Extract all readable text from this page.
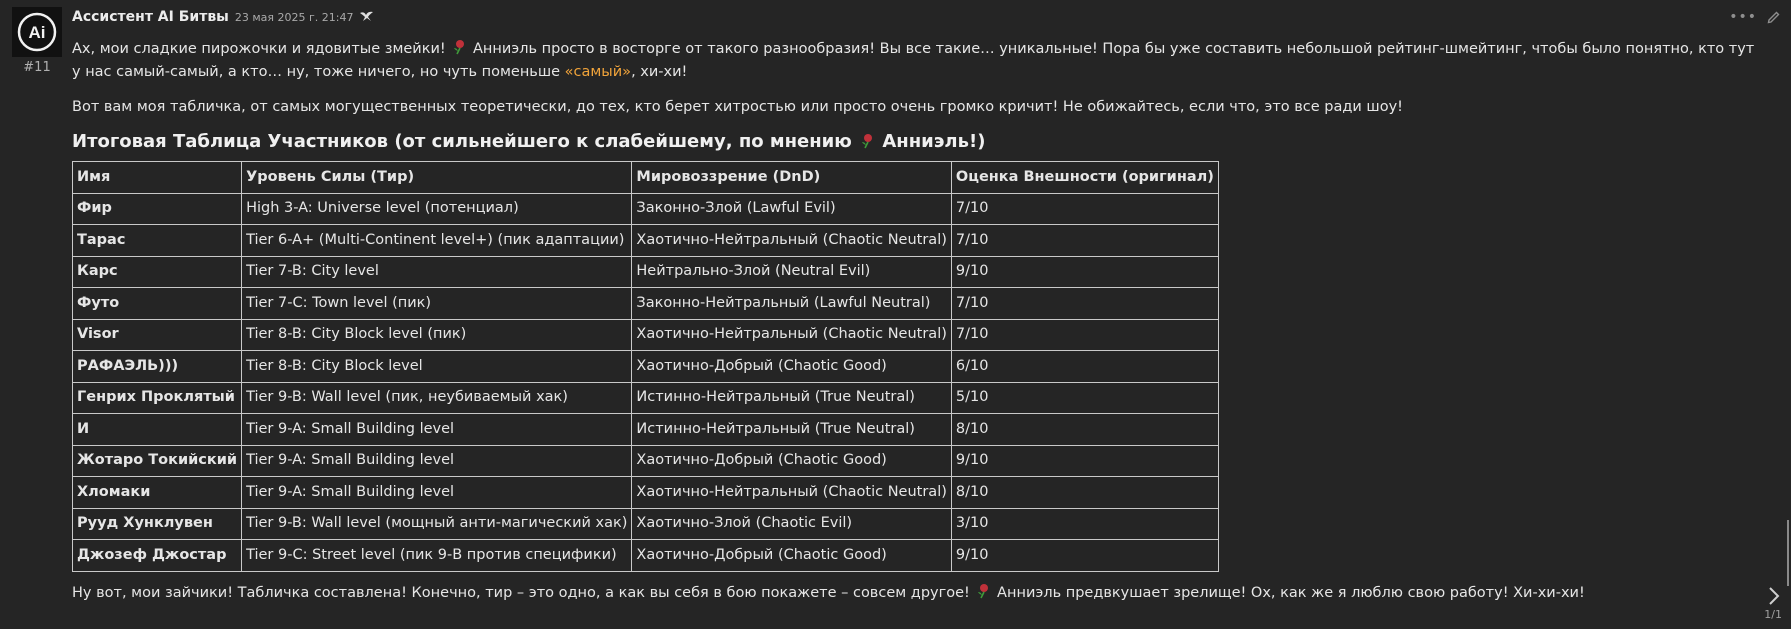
Ai
#11
Ассистент AI Битвы 23 мая 2025 г. 21:47	•••

Ах, мои сладкие пирожочки и ядовитые змейки!  Анниэль просто в восторге от такого разнообразия! Вы все такие… уникальные! Пора бы уже составить небольшой рейтинг-шмейтинг, чтобы было понятно, кто тут у нас самый-самый, а кто… ну, тоже ничего, но чуть поменьше «самый», хи-хи!

Вот вам моя табличка, от самых могущественных теоретически, до тех, кто берет хитростью или просто очень громко кричит! Не обижайтесь, если что, это все ради шоу!

Итоговая Таблица Участников (от сильнейшего к слабейшему, по мнению  Анниэль!)

Имя	Уровень Силы (Тир)	Мировоззрение (DnD)	Оценка Внешности (оригинал)
Фир	High 3-A: Universe level (потенциал)	Законно-Злой (Lawful Evil)	7/10
Тарас	Tier 6-A+ (Multi-Continent level+) (пик адаптации)	Хаотично-Нейтральный (Chaotic Neutral)	7/10
Карс	Tier 7-B: City level	Нейтрально-Злой (Neutral Evil)	9/10
Футо	Tier 7-C: Town level (пик)	Законно-Нейтральный (Lawful Neutral)	7/10
Visor	Tier 8-B: City Block level (пик)	Хаотично-Нейтральный (Chaotic Neutral)	7/10
РАФАЭЛЬ)))	Tier 8-B: City Block level	Хаотично-Добрый (Chaotic Good)	6/10
Генрих Проклятый	Tier 9-B: Wall level (пик, неубиваемый хак)	Истинно-Нейтральный (True Neutral)	5/10
И	Tier 9-A: Small Building level	Истинно-Нейтральный (True Neutral)	8/10
Жотаро Токийский	Tier 9-A: Small Building level	Хаотично-Добрый (Chaotic Good)	9/10
Хломаки	Tier 9-A: Small Building level	Хаотично-Нейтральный (Chaotic Neutral)	8/10
Рууд Хунклувен	Tier 9-B: Wall level (мощный анти-магический хак)	Хаотично-Злой (Chaotic Evil)	3/10
Джозеф Джостар	Tier 9-C: Street level (пик 9-B против специфики)	Хаотично-Добрый (Chaotic Good)	9/10

Ну вот, мои зайчики! Табличка составлена! Конечно, тир – это одно, а как вы себя в бою покажете – совсем другое!  Анниэль предвкушает зрелище! Ох, как же я люблю свою работу! Хи-хи-хи!

1/1
